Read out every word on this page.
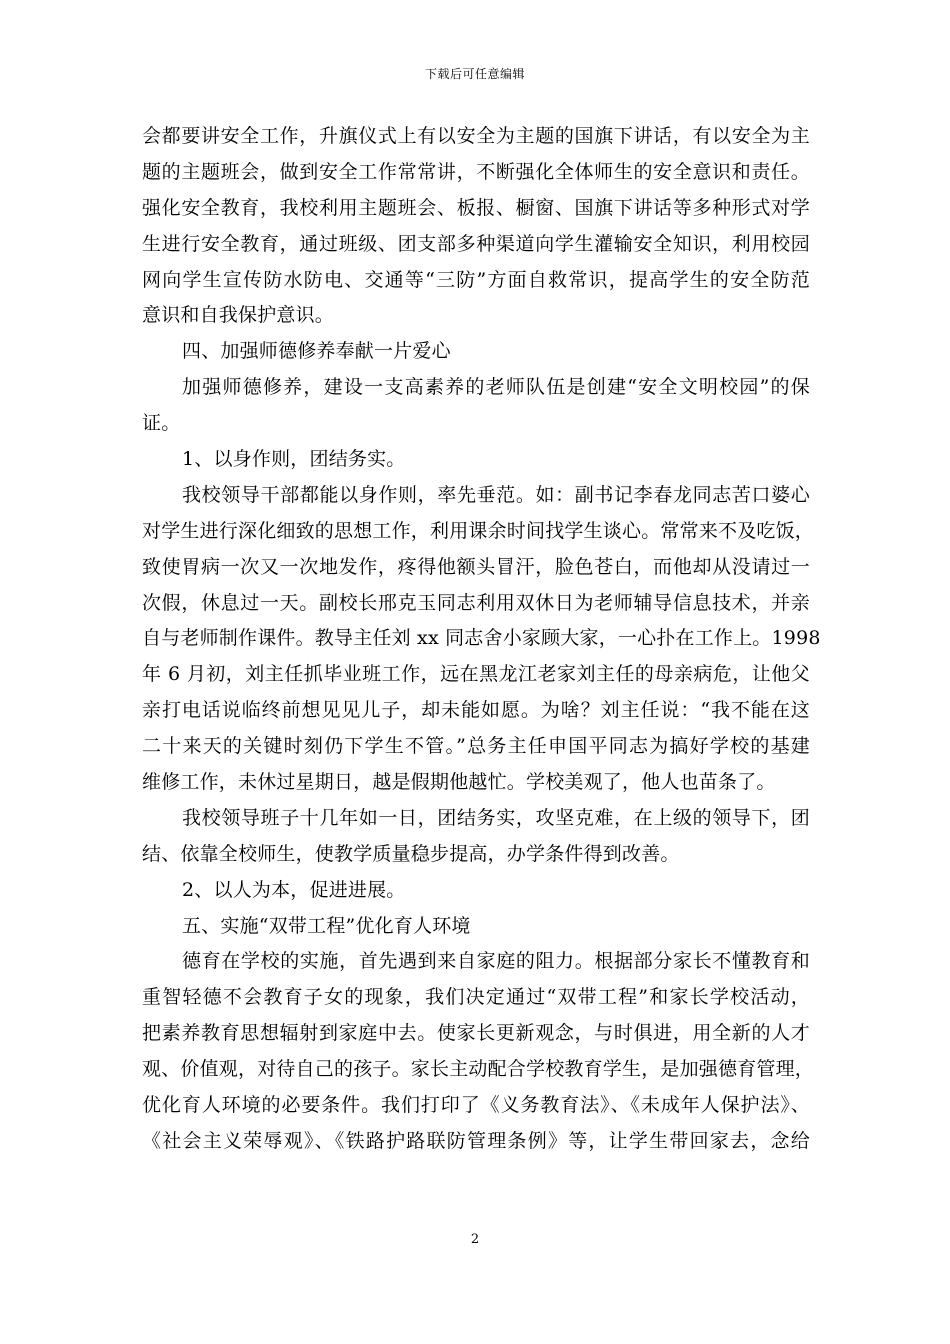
下载后可任意编辑
会都要讲安全工作，升旗仪式上有以安全为主题的国旗下讲话，有以安全为主
题的主题班会，做到安全工作常常讲，不断强化全体师生的安全意识和责任。
强化安全教育，我校利用主题班会、板报、橱窗、国旗下讲话等多种形式对学
生进行安全教育，通过班级、团支部多种渠道向学生灌输安全知识，利用校园
网向学生宣传防水防电、交通等“三防”方面自救常识，提高学生的安全防范
意识和自我保护意识。
四、加强师德修养奉献一片爱心
加强师德修养，建设一支高素养的老师队伍是创建“安全文明校园”的保
证。
1、以身作则，团结务实。
我校领导干部都能以身作则，率先垂范。如：副书记李春龙同志苦口婆心
对学生进行深化细致的思想工作，利用课余时间找学生谈心。常常来不及吃饭，
致使胃病一次又一次地发作，疼得他额头冒汗，脸色苍白，而他却从没请过一
次假，休息过一天。副校长邢克玉同志利用双休日为老师辅导信息技术，并亲
自与老师制作课件。教导主任刘 xx 同志舍小家顾大家，一心扑在工作上。1998
年 6 月初，刘主任抓毕业班工作，远在黑龙江老家刘主任的母亲病危，让他父
亲打电话说临终前想见见儿子，却未能如愿。为啥？刘主任说：“我不能在这
二十来天的关键时刻仍下学生不管。”总务主任申国平同志为搞好学校的基建
维修工作，未休过星期日，越是假期他越忙。学校美观了，他人也苗条了。
我校领导班子十几年如一日，团结务实，攻坚克难，在上级的领导下，团
结、依靠全校师生，使教学质量稳步提高，办学条件得到改善。
2、以人为本，促进进展。
五、实施“双带工程”优化育人环境
德育在学校的实施，首先遇到来自家庭的阻力。根据部分家长不懂教育和
重智轻德不会教育子女的现象，我们决定通过“双带工程”和家长学校活动，
把素养教育思想辐射到家庭中去。使家长更新观念，与时俱进，用全新的人才
观、价值观，对待自己的孩子。家长主动配合学校教育学生，是加强德育管理，
优化育人环境的必要条件。我们打印了《义务教育法》、《未成年人保护法》、
《社会主义荣辱观》、《铁路护路联防管理条例》等，让学生带回家去，念给
2
